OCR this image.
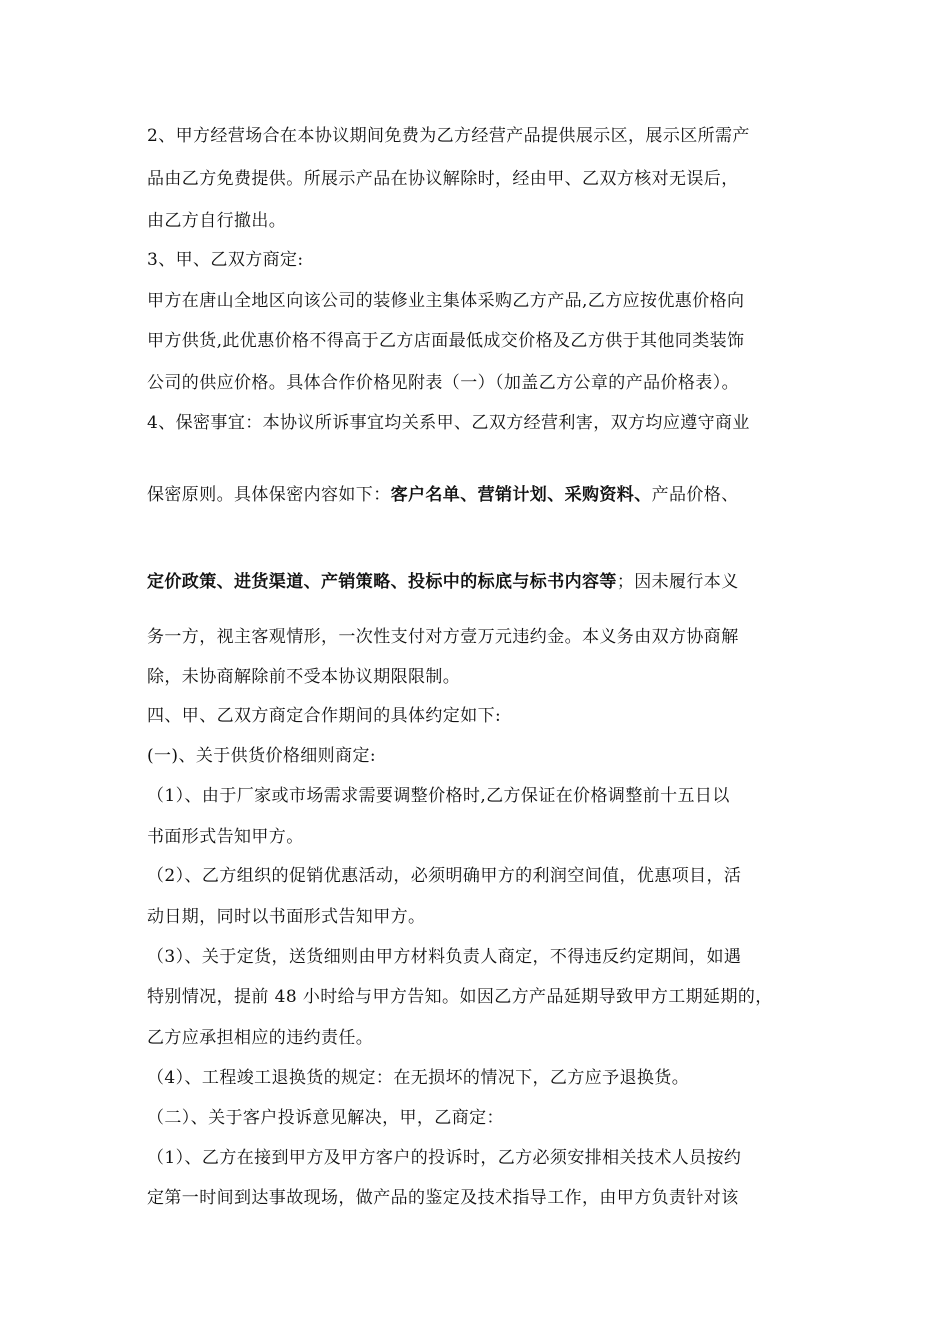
2、甲方经营场合在本协议期间免费为乙方经营产品提供展示区，展示区所需产
品由乙方免费提供。所展示产品在协议解除时，经由甲、乙双方核对无误后，
由乙方自行撤出。
3、甲、乙双方商定:
甲方在唐山全地区向该公司的装修业主集体采购乙方产品,乙方应按优惠价格向
甲方供货,此优惠价格不得高于乙方店面最低成交价格及乙方供于其他同类装饰
公司的供应价格。具体合作价格见附表（一）（加盖乙方公章的产品价格表）。
4、保密事宜：本协议所诉事宜均关系甲、乙双方经营利害，双方均应遵守商业
保密原则。具体保密内容如下：客户名单、营销计划、采购资料、产品价格、
定价政策、进货渠道、产销策略、投标中的标底与标书内容等；因未履行本义
务一方，视主客观情形，一次性支付对方壹万元违约金。本义务由双方协商解
除，未协商解除前不受本协议期限限制。
四、甲、乙双方商定合作期间的具体约定如下:
(一)、关于供货价格细则商定:
（1）、由于厂家或市场需求需要调整价格时,乙方保证在价格调整前十五日以
书面形式告知甲方。
（2）、乙方组织的促销优惠活动，必须明确甲方的利润空间值，优惠项目，活
动日期，同时以书面形式告知甲方。
（3）、关于定货，送货细则由甲方材料负责人商定，不得违反约定期间，如遇
特别情况，提前 48 小时给与甲方告知。如因乙方产品延期导致甲方工期延期的，
乙方应承担相应的违约责任。
（4）、工程竣工退换货的规定：在无损坏的情况下，乙方应予退换货。
（二）、关于客户投诉意见解决，甲，乙商定：
（1）、乙方在接到甲方及甲方客户的投诉时，乙方必须安排相关技术人员按约
定第一时间到达事故现场，做产品的鉴定及技术指导工作，由甲方负责针对该
